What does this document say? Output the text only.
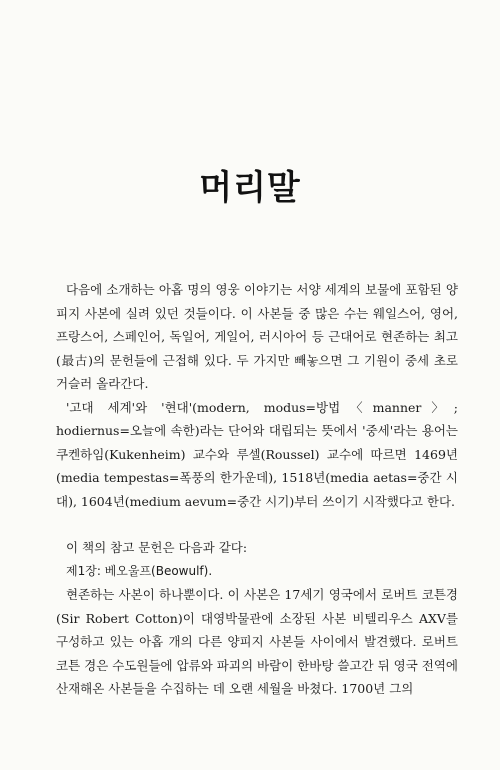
머리말

다음에 소개하는 아홉 명의 영웅 이야기는 서양 세계의 보물에 포함된 양피지 사본에 실려 있던 것들이다. 이 사본들 중 많은 수는 웨일스어, 영어, 프랑스어, 스페인어, 독일어, 게일어, 러시아어 등 근대어로 현존하는 최고(最古)의 문헌들에 근접해 있다. 두 가지만 빼놓으면 그 기원이 중세 초로 거슬러 올라간다.

'고대 세계'와 '현대'(modern, modus=방법〈manner〉; hodiernus=오늘에 속한)라는 단어와 대립되는 뜻에서 '중세'라는 용어는 쿠켄하임(Kukenheim) 교수와 루셀(Roussel) 교수에 따르면 1469년(media tempestas=폭풍의 한가운데), 1518년(media aetas=중간 시대), 1604년(medium aevum=중간 시기)부터 쓰이기 시작했다고 한다.

이 책의 참고 문헌은 다음과 같다:

제1장: 베오울프(Beowulf).

현존하는 사본이 하나뿐이다. 이 사본은 17세기 영국에서 로버트 코튼경(Sir Robert Cotton)이 대영박물관에 소장된 사본 비텔리우스 AXV를 구성하고 있는 아홉 개의 다른 양피지 사본들 사이에서 발견했다. 로버트 코튼 경은 수도원들에 압류와 파괴의 바람이 한바탕 쓸고간 뒤 영국 전역에 산재해온 사본들을 수집하는 데 오랜 세월을 바쳤다. 1700년 그의
